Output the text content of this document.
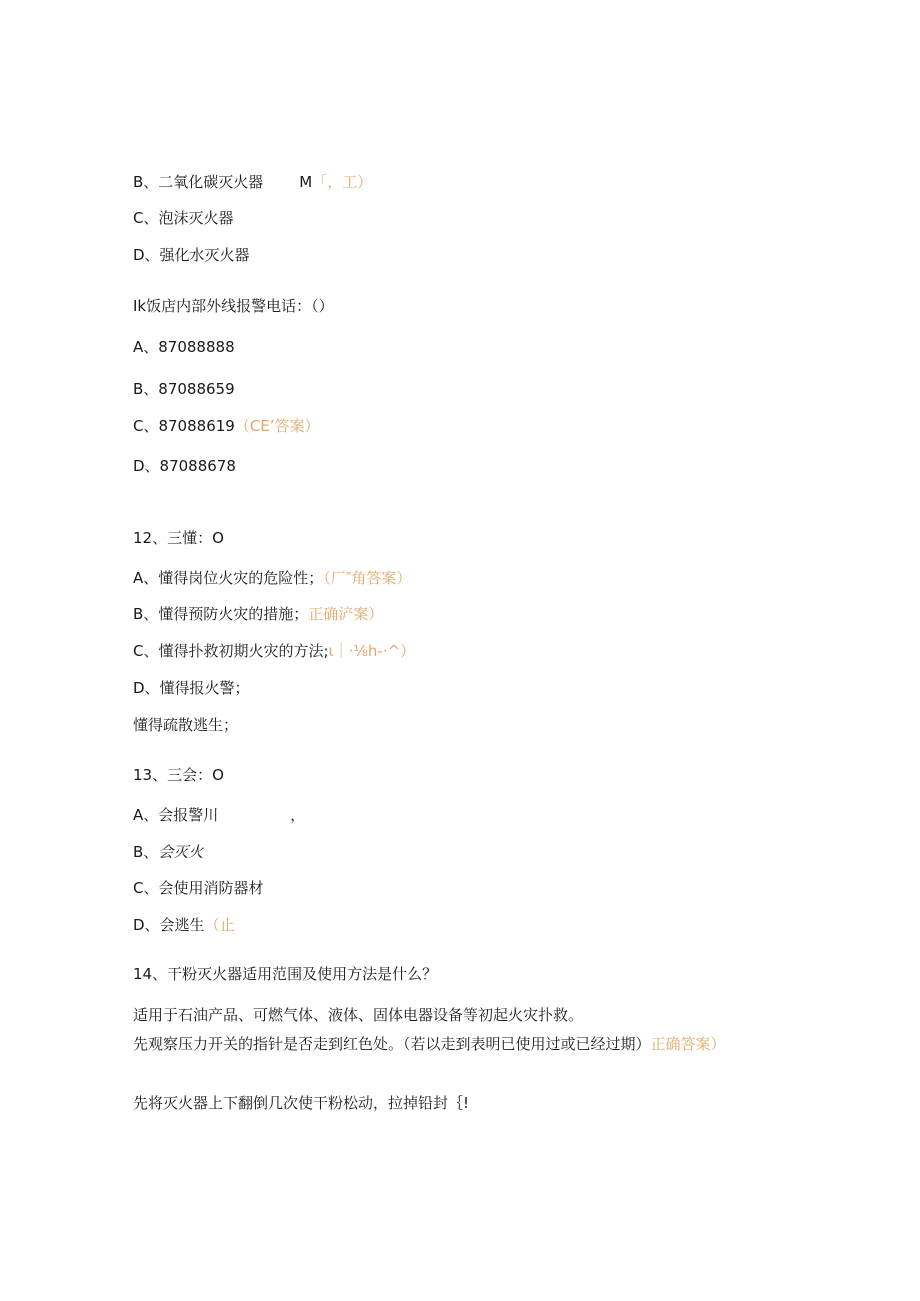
B、二氧化碳灭火器 M「，工）
C、泡沫灭火器
D、强化水灭火器
Ik饭店内部外线报警电话：（）
A、87088888
B、87088659
C、87088619（CE’答案）
D、87088678
12、三懂：O
A、懂得岗位火灾的危险性；（厂″角答案）
B、懂得预防火灾的措施；正确浐案）
C、懂得扑救初期火灾的方法;ι｜·⅛h-·^）
D、懂得报火警；
懂得疏散逃生；
13、三会：O
A、会报警川	，
B、会灭火
C、会使用消防器材
D、会逃生（止
14、干粉灭火器适用范围及使用方法是什么？
适用于石油产品、可燃气体、液体、固体电器设备等初起火灾扑救。
先观察压力开关的指针是否走到红色处。（若以走到表明已使用过或已经过期）正确答案）
先将灭火器上下翻倒几次使干粉松动，拉掉铅封｛!
